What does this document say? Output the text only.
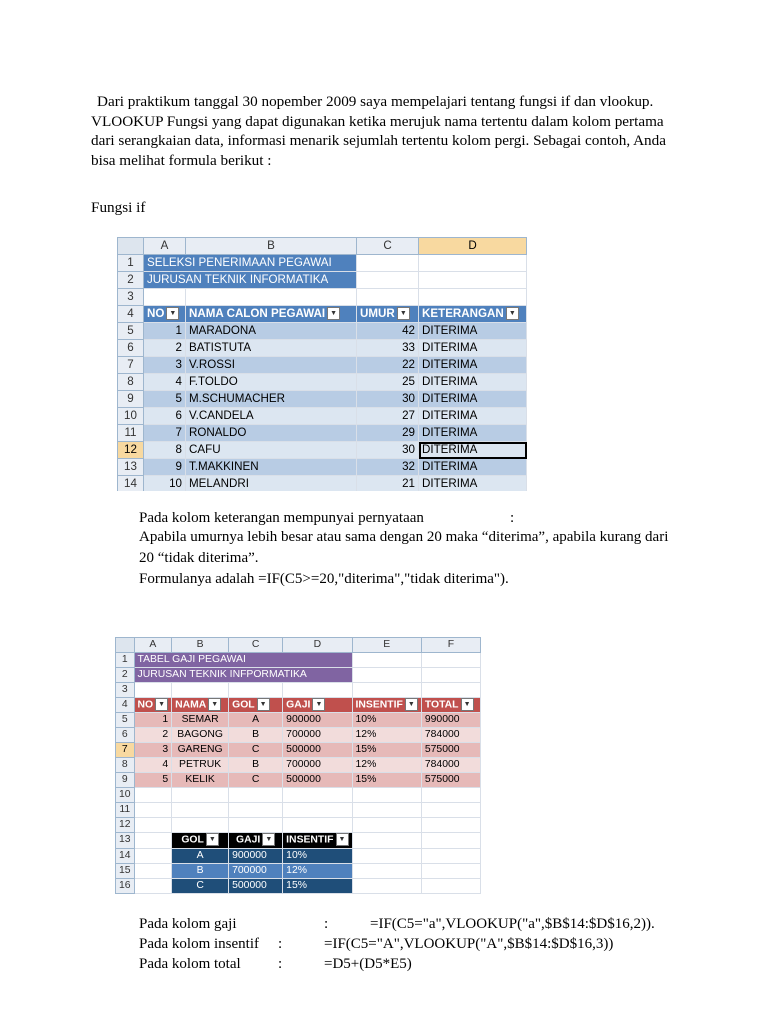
Dari praktikum tanggal 30 nopember 2009 saya mempelajari tentang fungsi if dan vlookup. VLOOKUP Fungsi yang dapat digunakan ketika merujuk nama tertentu dalam kolom pertama dari serangkaian data, informasi menarik sejumlah tertentu kolom pergi. Sebagai contoh, Anda bisa melihat formula berikut :
Fungsi if
	A	B	C	D
1	SELEKSI PENERIMAAN PEGAWAI			
2	JURUSAN TEKNIK INFORMATIKA			
3				
4	NO ▼	NAMA CALON PEGAWAI ▼	UMUR ▼	KETERANGAN ▼
5	1	MARADONA	42	DITERIMA
6	2	BATISTUTA	33	DITERIMA
7	3	V.ROSSI	22	DITERIMA
8	4	F.TOLDO	25	DITERIMA
9	5	M.SCHUMACHER	30	DITERIMA
10	6	V.CANDELA	27	DITERIMA
11	7	RONALDO	29	DITERIMA
12	8	CAFU	30	DITERIMA
13	9	T.MAKKINEN	32	DITERIMA
14	10	MELANDRI	21	DITERIMA
Pada kolom keterangan mempunyai pernyataan	:
Apabila umurnya lebih besar atau sama dengan 20 maka “diterima”, apabila kurang dari 20 “tidak diterima”.
Formulanya adalah =IF(C5>=20,"diterima","tidak diterima").
	A	B	C	D	E	F
1	TABEL GAJI PEGAWAI					
2	JURUSAN TEKNIK INFPORMATIKA					
3						
4	NO ▼	NAMA ▼	GOL ▼	GAJI ▼	INSENTIF ▼	TOTAL ▼
5	1	SEMAR	A	900000	10%	990000
6	2	BAGONG	B	700000	12%	784000
7	3	GARENG	C	500000	15%	575000
8	4	PETRUK	B	700000	12%	784000
9	5	KELIK	C	500000	15%	575000
10						
11						
12						
13		GOL ▼	GAJI ▼	INSENTIF ▼		
14		A	900000	10%		
15		B	700000	12%		
16		C	500000	15%		
Pada kolom gaji	:	=IF(C5="a",VLOOKUP("a",$B$14:$D$16,2)).
Pada kolom insentif	:	=IF(C5="A",VLOOKUP("A",$B$14:$D$16,3))
Pada kolom total	:	=D5+(D5*E5)
